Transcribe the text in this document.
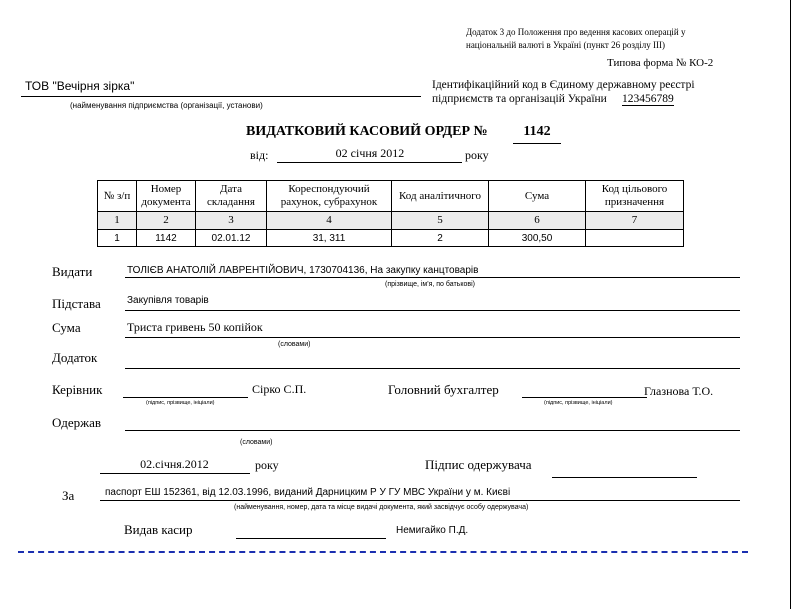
Додаток 3 до Положення про ведення касових операцій у
національній валюті в Україні (пункт 26 розділу ІІІ)
Типова форма № КО-2
ТОВ "Вечірня зірка"
(найменування підприємства (організації, установи)
Ідентифікаційний код в Єдиному державному реєстрі
підприємств та організацій України 123456789
ВИДАТКОВИЙ КАСОВИЙ ОРДЕР №	1142
від:	02 січня 2012	року
№ з/п	Номер документа	Дата складання	Кореспондуючий рахунок, субрахунок	Код аналітичного	Сума	Код цільового призначення
1	2	3	4	5	6	7
1	1142	02.01.12	31, 311	2	300,50	
Видати	ТОЛІЄВ АНАТОЛІЙ ЛАВРЕНТІЙОВИЧ, 1730704136, На закупку канцтоварів
(прізвище, ім'я, по батькові)
Підстава	Закупівля товарів
Сума	Триста гривень 50 копійок
(словами)
Додаток
Керівник
(підпис, прізвище, ініціали)
Сірко С.П.	Головний бухгалтер
(підпис, прізвище, ініціали)
Глазнова Т.О.
Одержав
(словами)
02.січня.2012	року	Підпис одержувача
За	паспорт ЕШ 152361, від 12.03.1996, виданий Дарницким Р У ГУ МВС України у м. Києві
(найменування, номер, дата та місце видачі документа, який засвідчує особу одержувача)
Видав касир	Немигайко П.Д.
